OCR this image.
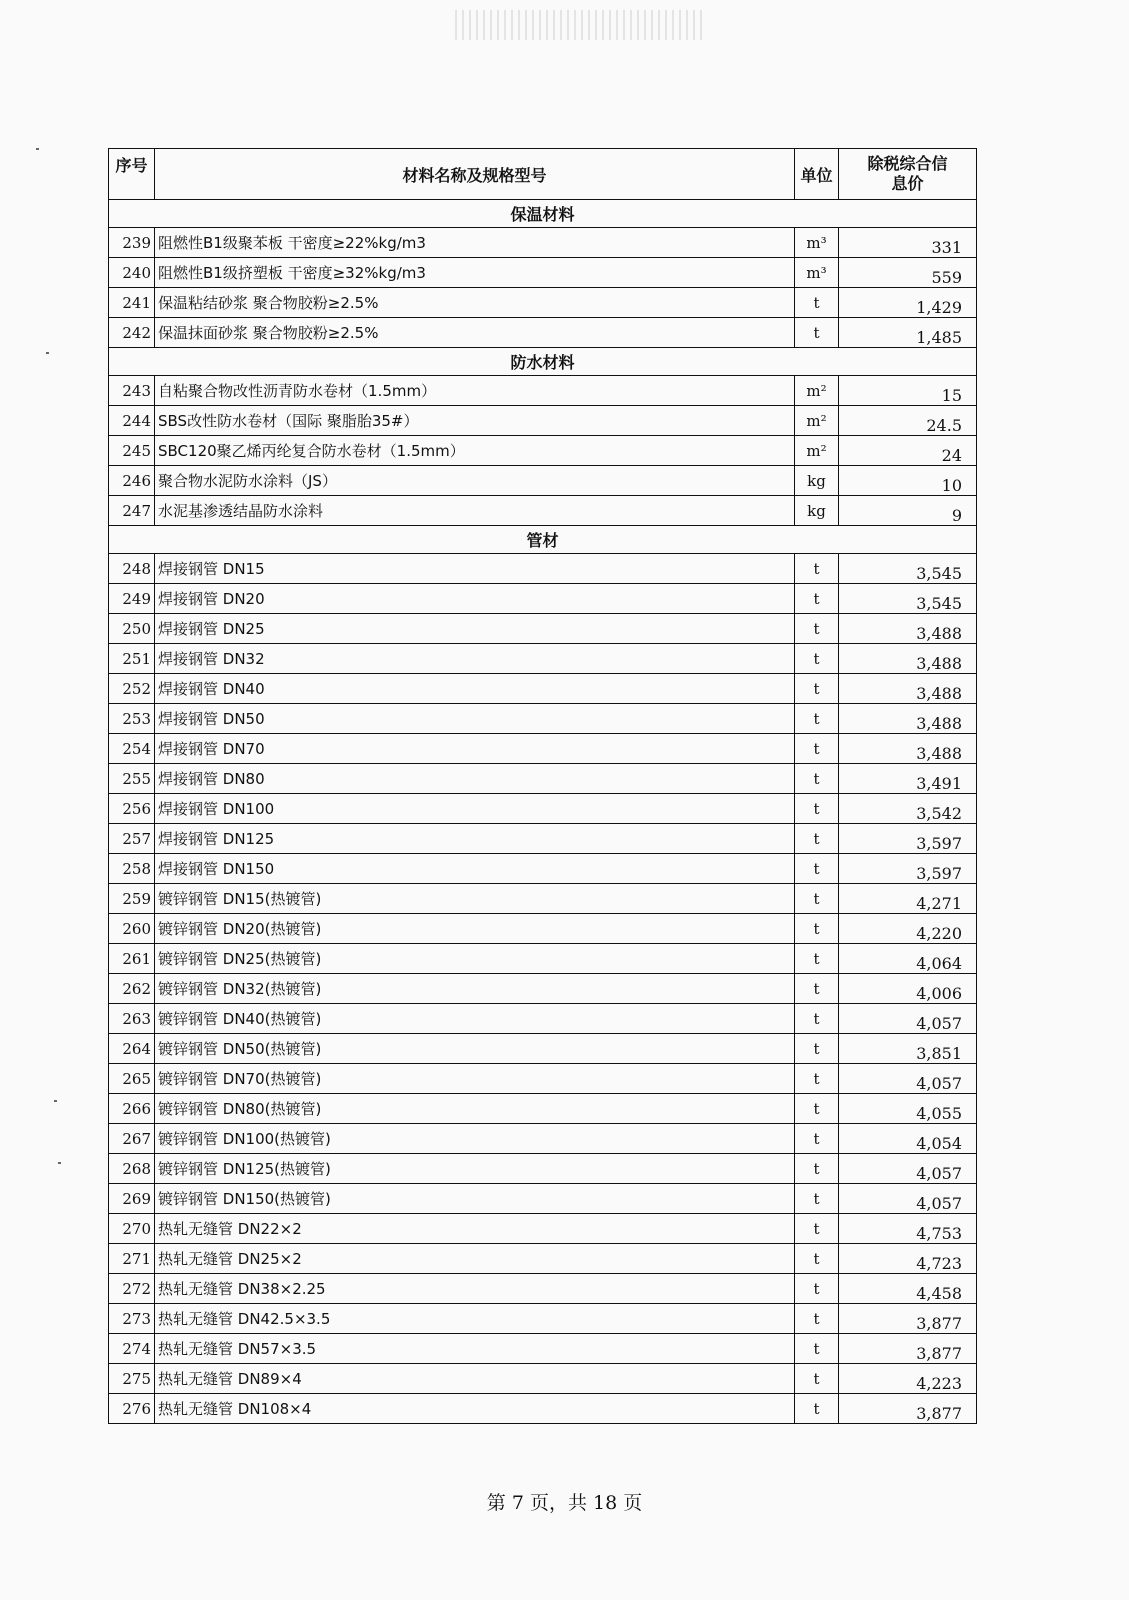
序号	材料名称及规格型号	单位	除税综合信息价

保温材料			
239	阻燃性B1级聚苯板 干密度≥22%kg/m3	m³	331
240	阻燃性B1级挤塑板 干密度≥32%kg/m3	m³	559
241	保温粘结砂浆 聚合物胶粉≥2.5%	t	1,429
242	保温抹面砂浆 聚合物胶粉≥2.5%	t	1,485
防水材料			
243	自粘聚合物改性沥青防水卷材（1.5mm）	m²	15
244	SBS改性防水卷材（国际 聚脂胎35#）	m²	24.5
245	SBC120聚乙烯丙纶复合防水卷材（1.5mm）	m²	24
246	聚合物水泥防水涂料（JS）	kg	10
247	水泥基渗透结晶防水涂料	kg	9
管材			
248	焊接钢管 DN15	t	3,545
249	焊接钢管 DN20	t	3,545
250	焊接钢管 DN25	t	3,488
251	焊接钢管 DN32	t	3,488
252	焊接钢管 DN40	t	3,488
253	焊接钢管 DN50	t	3,488
254	焊接钢管 DN70	t	3,488
255	焊接钢管 DN80	t	3,491
256	焊接钢管 DN100	t	3,542
257	焊接钢管 DN125	t	3,597
258	焊接钢管 DN150	t	3,597
259	镀锌钢管 DN15(热镀管)	t	4,271
260	镀锌钢管 DN20(热镀管)	t	4,220
261	镀锌钢管 DN25(热镀管)	t	4,064
262	镀锌钢管 DN32(热镀管)	t	4,006
263	镀锌钢管 DN40(热镀管)	t	4,057
264	镀锌钢管 DN50(热镀管)	t	3,851
265	镀锌钢管 DN70(热镀管)	t	4,057
266	镀锌钢管 DN80(热镀管)	t	4,055
267	镀锌钢管 DN100(热镀管)	t	4,054
268	镀锌钢管 DN125(热镀管)	t	4,057
269	镀锌钢管 DN150(热镀管)	t	4,057
270	热轧无缝管 DN22×2	t	4,753
271	热轧无缝管 DN25×2	t	4,723
272	热轧无缝管 DN38×2.25	t	4,458
273	热轧无缝管 DN42.5×3.5	t	3,877
274	热轧无缝管 DN57×3.5	t	3,877
275	热轧无缝管 DN89×4	t	4,223
276	热轧无缝管 DN108×4	t	3,877
第 7 页，共 18 页
